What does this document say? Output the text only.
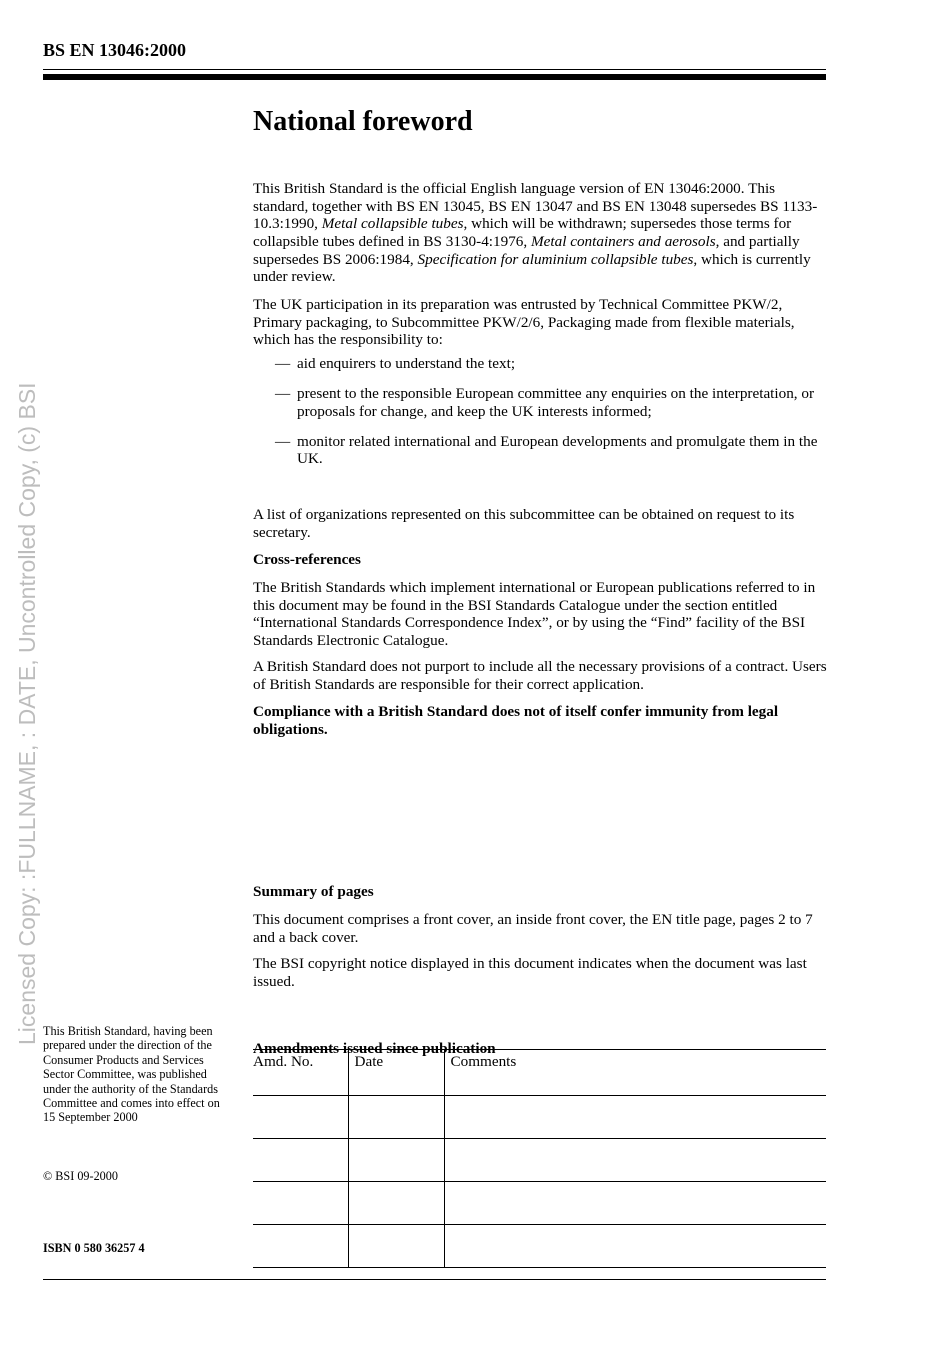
BS EN 13046:2000
Licensed Copy: :FULLNAME, : DATE, Uncontrolled Copy, (c) BSI
National foreword

This British Standard is the official English language version of EN 13046:2000. This standard, together with BS EN 13045, BS EN 13047 and BS EN 13048 supersedes BS 1133-10.3:1990, Metal collapsible tubes, which will be withdrawn; supersedes those terms for collapsible tubes defined in BS 3130-4:1976, Metal containers and aerosols, and partially supersedes BS 2006:1984, Specification for aluminium collapsible tubes, which is currently under review.

The UK participation in its preparation was entrusted by Technical Committee PKW/2, Primary packaging, to Subcommittee PKW/2/6, Packaging made from flexible materials, which has the responsibility to:

— aid enquirers to understand the text;
— present to the responsible European committee any enquiries on the interpretation, or proposals for change, and keep the UK interests informed;
— monitor related international and European developments and promulgate them in the UK.

A list of organizations represented on this subcommittee can be obtained on request to its secretary.

Cross-references

The British Standards which implement international or European publications referred to in this document may be found in the BSI Standards Catalogue under the section entitled “International Standards Correspondence Index”, or by using the “Find” facility of the BSI Standards Electronic Catalogue.

A British Standard does not purport to include all the necessary provisions of a contract. Users of British Standards are responsible for their correct application.

Compliance with a British Standard does not of itself confer immunity from legal obligations.

Summary of pages

This document comprises a front cover, an inside front cover, the EN title page, pages 2 to 7 and a back cover.

The BSI copyright notice displayed in this document indicates when the document was last issued.

Amendments issued since publication

Amd. No.	Date	Comments

This British Standard, having been prepared under the direction of the Consumer Products and Services Sector Committee, was published under the authority of the Standards Committee and comes into effect on 15 September 2000
© BSI 09-2000
ISBN 0 580 36257 4
